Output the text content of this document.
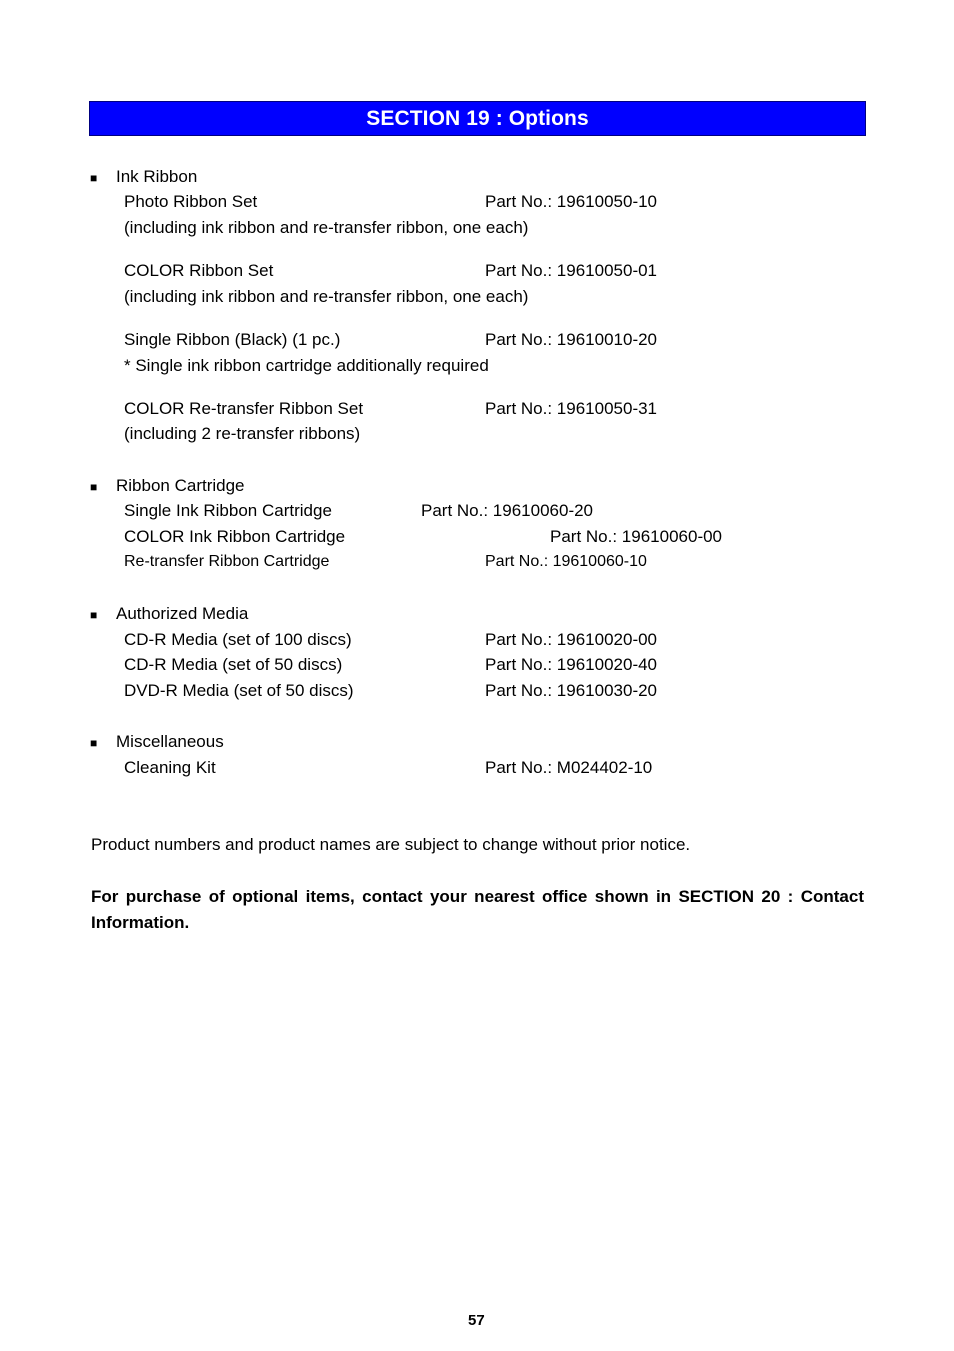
SECTION 19 : Options
■ Ink Ribbon
Photo Ribbon Set	Part No.: 19610050-10
(including ink ribbon and re-transfer ribbon, one each)
COLOR Ribbon Set	Part No.: 19610050-01
(including ink ribbon and re-transfer ribbon, one each)
Single Ribbon (Black) (1 pc.)	Part No.: 19610010-20
* Single ink ribbon cartridge additionally required
COLOR Re-transfer Ribbon Set	Part No.: 19610050-31
(including 2 re-transfer ribbons)
■ Ribbon Cartridge
Single Ink Ribbon Cartridge	Part No.: 19610060-20
COLOR Ink Ribbon Cartridge	Part No.: 19610060-00
Re-transfer Ribbon Cartridge	Part No.: 19610060-10
■ Authorized Media
CD-R Media (set of 100 discs)	Part No.: 19610020-00
CD-R Media (set of 50 discs)	Part No.: 19610020-40
DVD-R Media (set of 50 discs)	Part No.: 19610030-20
■ Miscellaneous
Cleaning Kit	Part No.: M024402-10
Product numbers and product names are subject to change without prior notice.
For purchase of optional items, contact your nearest office shown in SECTION 20 : Contact Information.
57
